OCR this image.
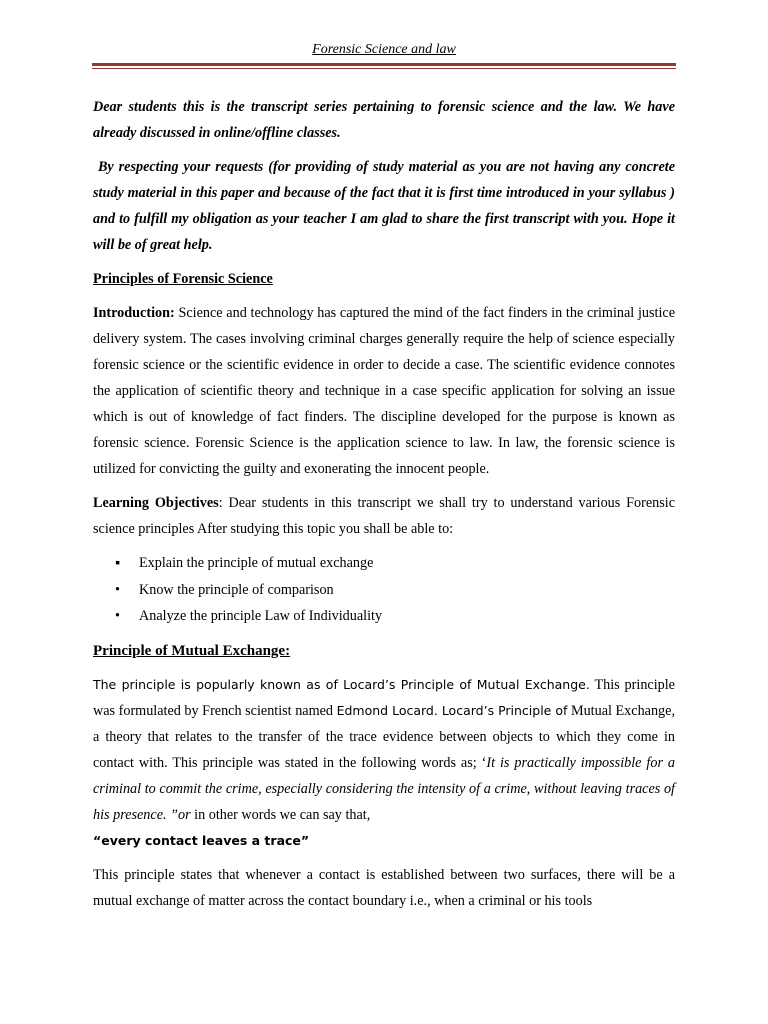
Forensic Science and law

Dear students this is the transcript series pertaining to forensic science and the law. We have already discussed in online/offline classes.

By respecting your requests (for providing of study material as you are not having any concrete study material in this paper and because of the fact that it is first time introduced in your syllabus ) and to fulfill my obligation as your teacher I am glad to share the first transcript with you. Hope it will be of great help.

Principles of Forensic Science

Introduction: Science and technology has captured the mind of the fact finders in the criminal justice delivery system. The cases involving criminal charges generally require the help of science especially forensic science or the scientific evidence in order to decide a case. The scientific evidence connotes the application of scientific theory and technique in a case specific application for solving an issue which is out of knowledge of fact finders. The discipline developed for the purpose is known as forensic science. Forensic Science is the application science to law. In law, the forensic science is utilized for convicting the guilty and exonerating the innocent people.

Learning Objectives: Dear students in this transcript we shall try to understand various Forensic science principles After studying this topic you shall be able to:

▪ Explain the principle of mutual exchange
• Know the principle of comparison
• Analyze the principle Law of Individuality
Principle of Mutual Exchange:

The principle is popularly known as of Locard’s Principle of Mutual Exchange. This principle was formulated by French scientist named Edmond Locard. Locard’s Principle of Mutual Exchange, a theory that relates to the transfer of the trace evidence between objects to which they come in contact with. This principle was stated in the following words as; ‘It is practically impossible for a criminal to commit the crime, especially considering the intensity of a crime, without leaving traces of his presence. ”or in other words we can say that,
“every contact leaves a trace”

This principle states that whenever a contact is established between two surfaces, there will be a mutual exchange of matter across the contact boundary i.e., when a criminal or his tools
